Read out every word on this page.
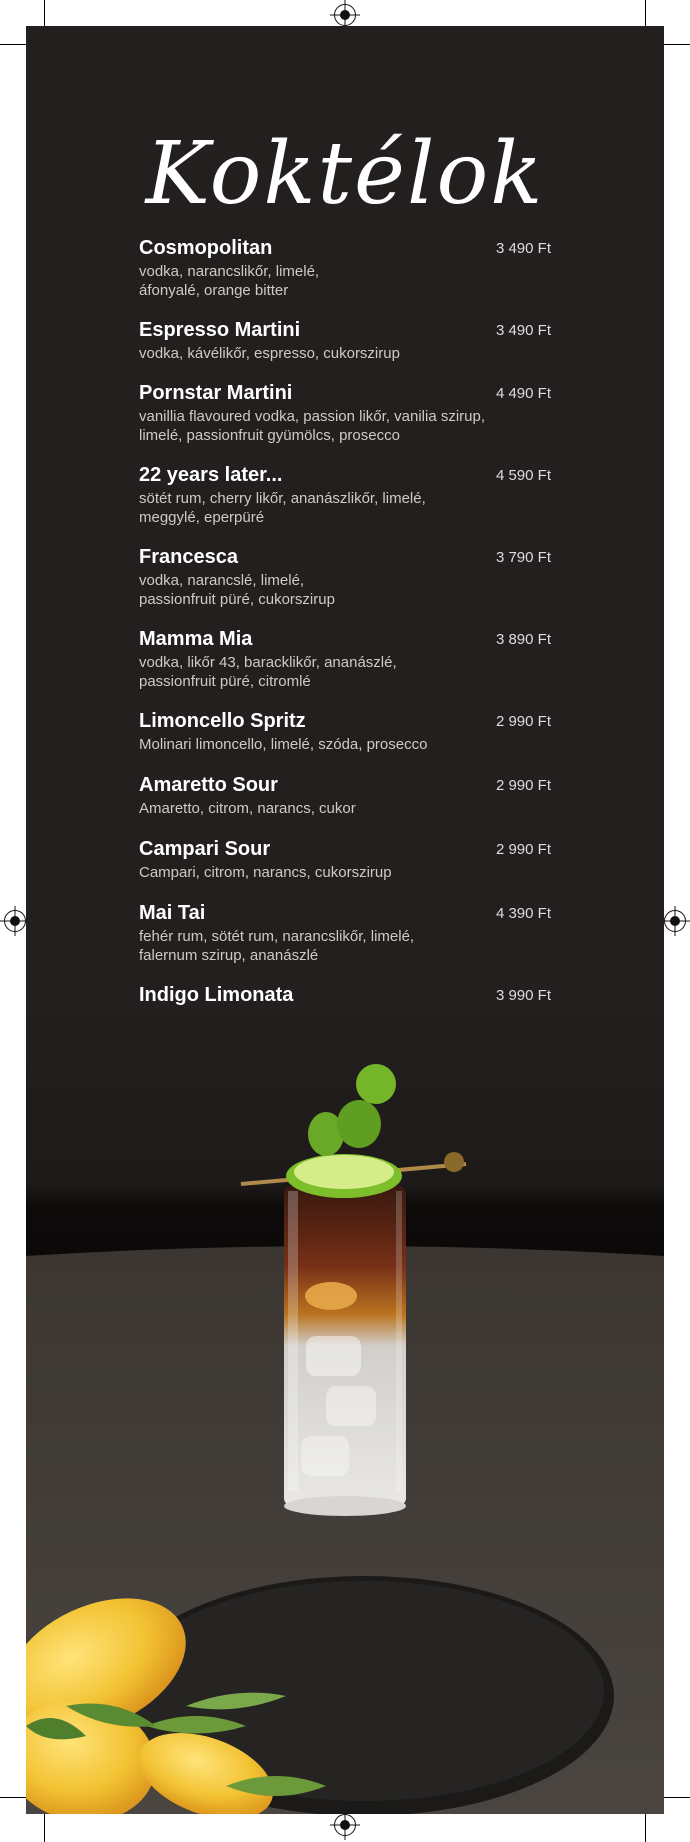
Koktélok
Cosmopolitan	3 490 Ft
vodka, narancslikőr, limelé,
áfonyalé, orange bitter
Espresso Martini	3 490 Ft
vodka, kávélikőr, espresso, cukorszirup
Pornstar Martini	4 490 Ft
vanillia flavoured vodka, passion likőr, vanilia szirup,
limelé, passionfruit gyümölcs, prosecco
22 years later...	4 590 Ft
sötét rum, cherry likőr, ananászlikőr, limelé,
meggylé, eperpüré
Francesca	3 790 Ft
vodka, narancslé, limelé,
passionfruit püré, cukorszirup
Mamma Mia	3 890 Ft
vodka, likőr 43, baracklikőr, ananászlé,
passionfruit püré, citromlé
Limoncello Spritz	2 990 Ft
Molinari limoncello, limelé, szóda, prosecco
Amaretto Sour	2 990 Ft
Amaretto, citrom, narancs, cukor
Campari Sour	2 990 Ft
Campari, citrom, narancs, cukorszirup
Mai Tai	4 390 Ft
fehér rum, sötét rum, narancslikőr, limelé,
falernum szirup, ananászlé
Indigo Limonata	3 990 Ft
